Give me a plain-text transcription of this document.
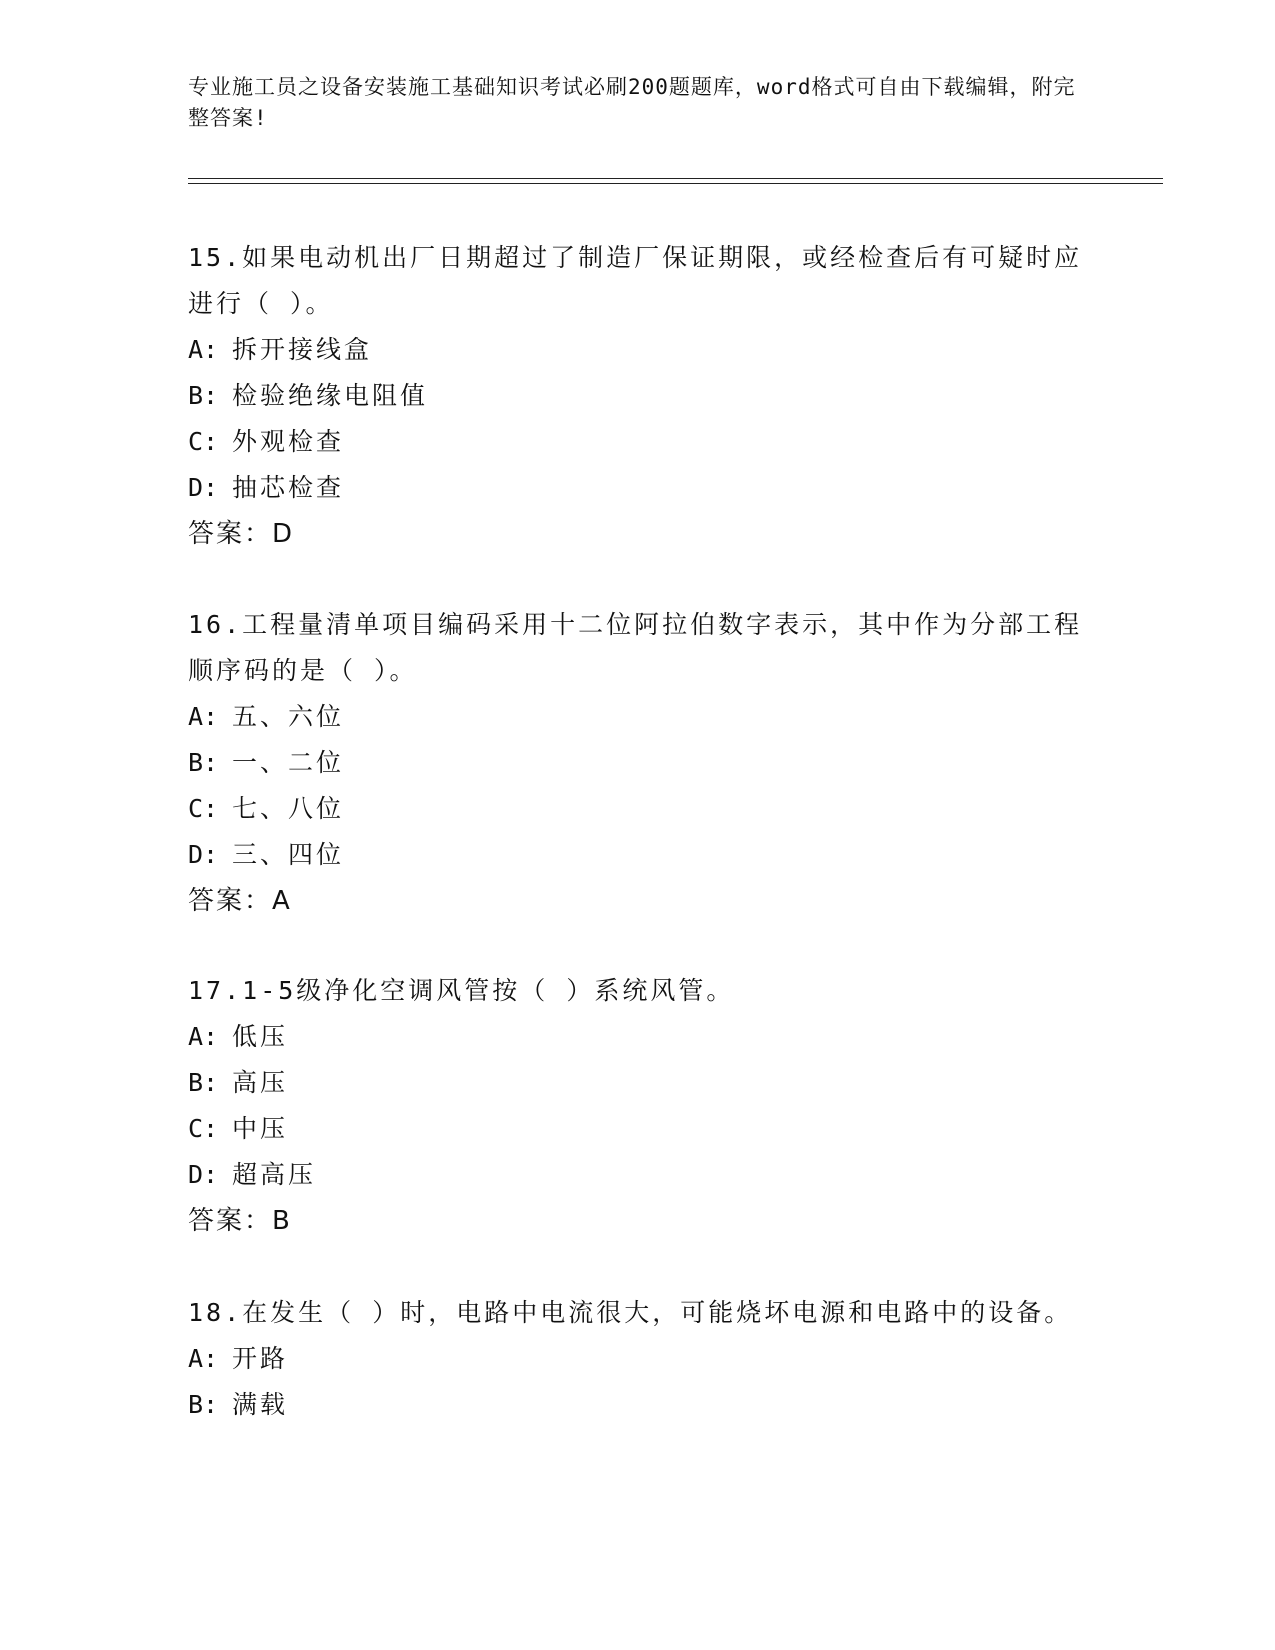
专业施工员之设备安装施工基础知识考试必刷200题题库，word格式可自由下载编辑，附完整答案!

15.如果电动机出厂日期超过了制造厂保证期限，或经检查后有可疑时应进行（ ）。

A: 拆开接线盒

B: 检验绝缘电阻值

C: 外观检查

D: 抽芯检查

答案：D

16.工程量清单项目编码采用十二位阿拉伯数字表示，其中作为分部工程顺序码的是（ ）。

A: 五、六位

B: 一、二位

C: 七、八位

D: 三、四位

答案：A

17.1-5级净化空调风管按（ ）系统风管。

A: 低压

B: 高压

C: 中压

D: 超高压

答案：B

18.在发生（ ）时，电路中电流很大，可能烧坏电源和电路中的设备。

A: 开路

B: 满载
